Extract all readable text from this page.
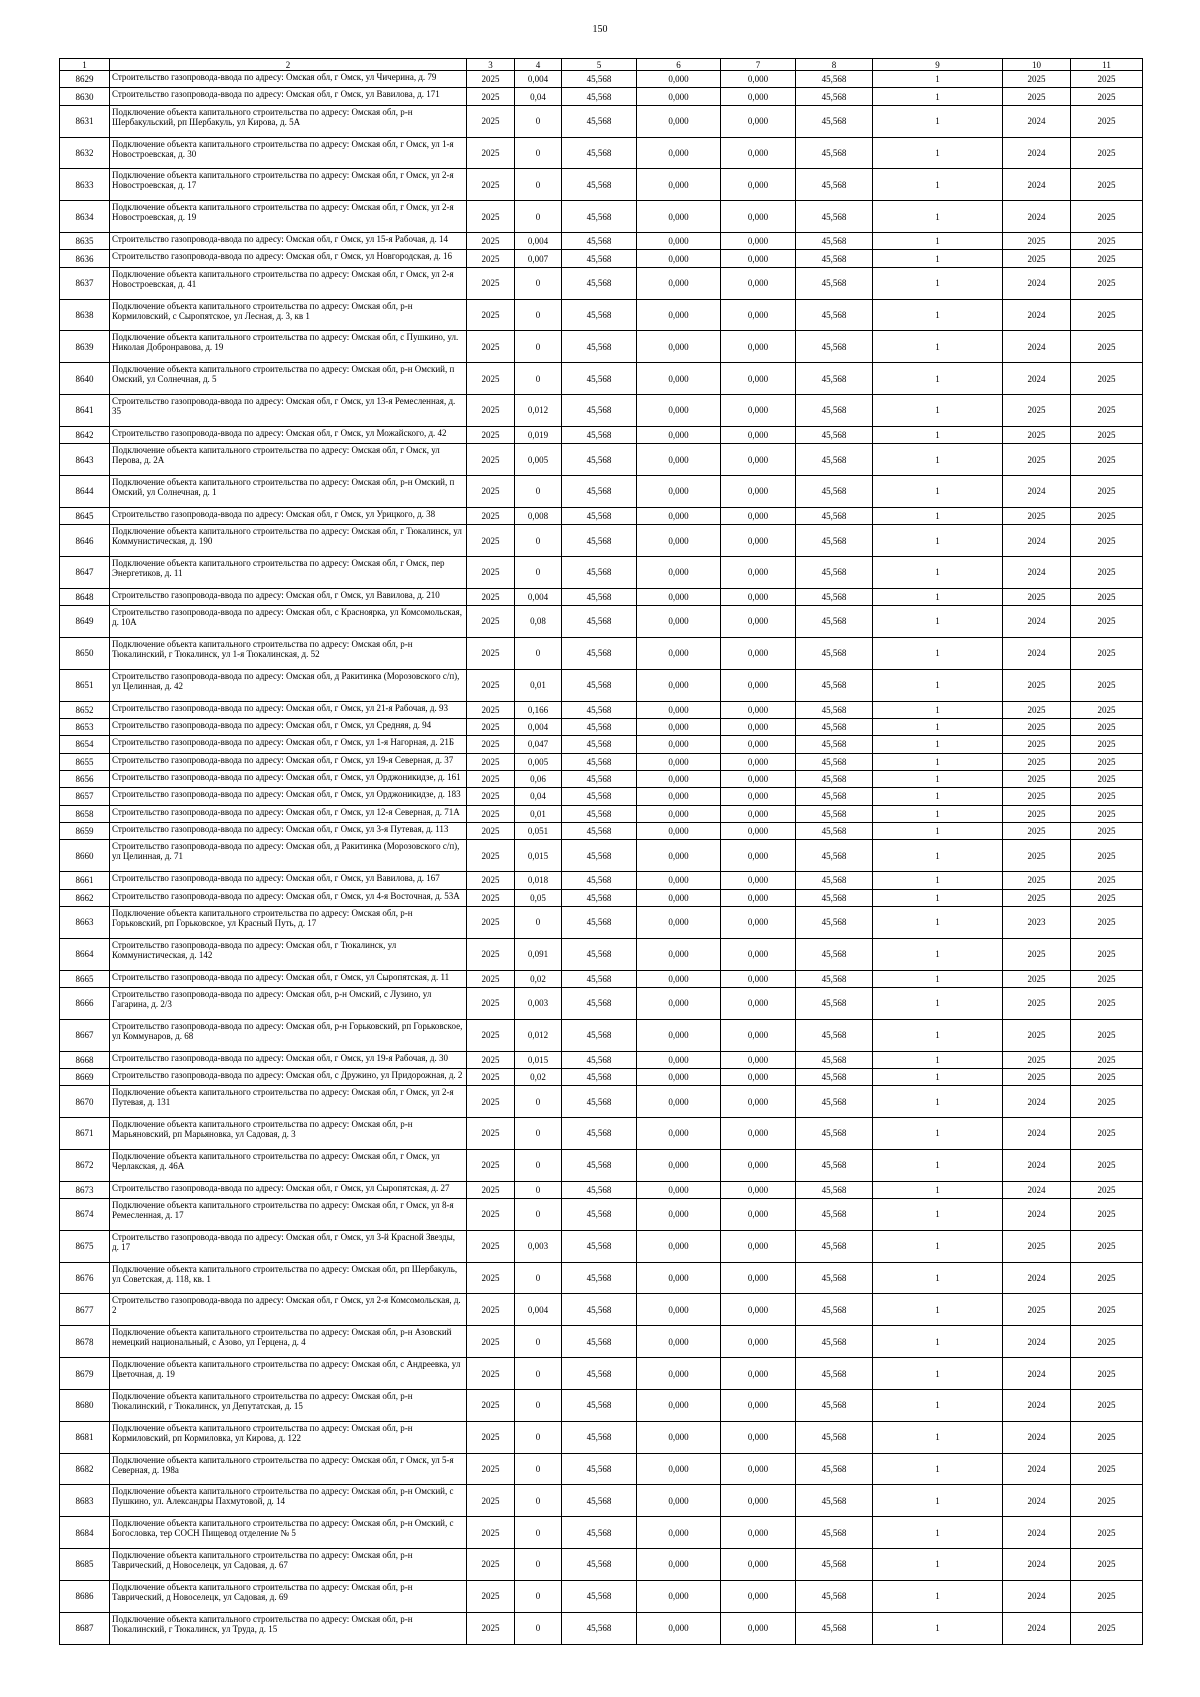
150
1	2	3	4	5	6	7	8	9	10	11
8629	Строительство газопровода-ввода по адресу: Омская обл, г Омск, ул Чичерина, д. 79	2025	0,004	45,568	0,000	0,000	45,568	1	2025	2025
8630	Строительство газопровода-ввода по адресу: Омская обл, г Омск, ул Вавилова, д. 171	2025	0,04	45,568	0,000	0,000	45,568	1	2025	2025
8631	Подключение объекта капитального строительства по адресу: Омская обл, р-н Шербакульский, рп Шербакуль, ул Кирова, д. 5А	2025	0	45,568	0,000	0,000	45,568	1	2024	2025
8632	Подключение объекта капитального строительства по адресу: Омская обл, г Омск, ул 1-я Новостроевская, д. 30	2025	0	45,568	0,000	0,000	45,568	1	2024	2025
8633	Подключение объекта капитального строительства по адресу: Омская обл, г Омск, ул 2-я Новостроевская, д. 17	2025	0	45,568	0,000	0,000	45,568	1	2024	2025
8634	Подключение объекта капитального строительства по адресу: Омская обл, г Омск, ул 2-я Новостроевская, д. 19	2025	0	45,568	0,000	0,000	45,568	1	2024	2025
8635	Строительство газопровода-ввода по адресу: Омская обл, г Омск, ул 15-я Рабочая, д. 14	2025	0,004	45,568	0,000	0,000	45,568	1	2025	2025
8636	Строительство газопровода-ввода по адресу: Омская обл, г Омск, ул Новгородская, д. 16	2025	0,007	45,568	0,000	0,000	45,568	1	2025	2025
8637	Подключение объекта капитального строительства по адресу: Омская обл, г Омск, ул 2-я Новостроевская, д. 41	2025	0	45,568	0,000	0,000	45,568	1	2024	2025
8638	Подключение объекта капитального строительства по адресу: Омская обл, р-н Кормиловский, с Сыропятское, ул Лесная, д. 3, кв 1	2025	0	45,568	0,000	0,000	45,568	1	2024	2025
8639	Подключение объекта капитального строительства по адресу: Омская обл, с Пушкино, ул. Николая Добронравова, д. 19	2025	0	45,568	0,000	0,000	45,568	1	2024	2025
8640	Подключение объекта капитального строительства по адресу: Омская обл, р-н Омский, п Омский, ул Солнечная, д. 5	2025	0	45,568	0,000	0,000	45,568	1	2024	2025
8641	Строительство газопровода-ввода по адресу: Омская обл, г Омск, ул 13-я Ремесленная, д. 35	2025	0,012	45,568	0,000	0,000	45,568	1	2025	2025
8642	Строительство газопровода-ввода по адресу: Омская обл, г Омск, ул Можайского, д. 42	2025	0,019	45,568	0,000	0,000	45,568	1	2025	2025
8643	Подключение объекта капитального строительства по адресу: Омская обл, г Омск, ул Перова, д. 2А	2025	0,005	45,568	0,000	0,000	45,568	1	2025	2025
8644	Подключение объекта капитального строительства по адресу: Омская обл, р-н Омский, п Омский, ул Солнечная, д. 1	2025	0	45,568	0,000	0,000	45,568	1	2024	2025
8645	Строительство газопровода-ввода по адресу: Омская обл, г Омск, ул Урицкого, д. 38	2025	0,008	45,568	0,000	0,000	45,568	1	2025	2025
8646	Подключение объекта капитального строительства по адресу: Омская обл, г Тюкалинск, ул Коммунистическая, д. 190	2025	0	45,568	0,000	0,000	45,568	1	2024	2025
8647	Подключение объекта капитального строительства по адресу: Омская обл, г Омск, пер Энергетиков, д. 11	2025	0	45,568	0,000	0,000	45,568	1	2024	2025
8648	Строительство газопровода-ввода по адресу: Омская обл, г Омск, ул Вавилова, д. 210	2025	0,004	45,568	0,000	0,000	45,568	1	2025	2025
8649	Строительство газопровода-ввода по адресу: Омская обл, с Красноярка, ул Комсомольская, д. 10А	2025	0,08	45,568	0,000	0,000	45,568	1	2024	2025
8650	Подключение объекта капитального строительства по адресу: Омская обл, р-н Тюкалинский, г Тюкалинск, ул 1-я Тюкалинская, д. 52	2025	0	45,568	0,000	0,000	45,568	1	2024	2025
8651	Строительство газопровода-ввода по адресу: Омская обл, д Ракитинка (Морозовского с/п), ул Целинная, д. 42	2025	0,01	45,568	0,000	0,000	45,568	1	2025	2025
8652	Строительство газопровода-ввода по адресу: Омская обл, г Омск, ул 21-я Рабочая, д. 93	2025	0,166	45,568	0,000	0,000	45,568	1	2025	2025
8653	Строительство газопровода-ввода по адресу: Омская обл, г Омск, ул Средняя, д. 94	2025	0,004	45,568	0,000	0,000	45,568	1	2025	2025
8654	Строительство газопровода-ввода по адресу: Омская обл, г Омск, ул 1-я Нагорная, д. 21Б	2025	0,047	45,568	0,000	0,000	45,568	1	2025	2025
8655	Строительство газопровода-ввода по адресу: Омская обл, г Омск, ул 19-я Северная, д. 37	2025	0,005	45,568	0,000	0,000	45,568	1	2025	2025
8656	Строительство газопровода-ввода по адресу: Омская обл, г Омск, ул Орджоникидзе, д. 161	2025	0,06	45,568	0,000	0,000	45,568	1	2025	2025
8657	Строительство газопровода-ввода по адресу: Омская обл, г Омск, ул Орджоникидзе, д. 183	2025	0,04	45,568	0,000	0,000	45,568	1	2025	2025
8658	Строительство газопровода-ввода по адресу: Омская обл, г Омск, ул 12-я Северная, д. 71А	2025	0,01	45,568	0,000	0,000	45,568	1	2025	2025
8659	Строительство газопровода-ввода по адресу: Омская обл, г Омск, ул 3-я Путевая, д. 113	2025	0,051	45,568	0,000	0,000	45,568	1	2025	2025
8660	Строительство газопровода-ввода по адресу: Омская обл, д Ракитинка (Морозовского с/п), ул Целинная, д. 71	2025	0,015	45,568	0,000	0,000	45,568	1	2025	2025
8661	Строительство газопровода-ввода по адресу: Омская обл, г Омск, ул Вавилова, д. 167	2025	0,018	45,568	0,000	0,000	45,568	1	2025	2025
8662	Строительство газопровода-ввода по адресу: Омская обл, г Омск, ул 4-я Восточная, д. 53А	2025	0,05	45,568	0,000	0,000	45,568	1	2025	2025
8663	Подключение объекта капитального строительства по адресу: Омская обл, р-н Горьковский, рп Горьковское, ул Красный Путь, д. 17	2025	0	45,568	0,000	0,000	45,568	1	2023	2025
8664	Строительство газопровода-ввода по адресу: Омская обл, г Тюкалинск, ул Коммунистическая, д. 142	2025	0,091	45,568	0,000	0,000	45,568	1	2025	2025
8665	Строительство газопровода-ввода по адресу: Омская обл, г Омск, ул Сыропятская, д. 11	2025	0,02	45,568	0,000	0,000	45,568	1	2025	2025
8666	Строительство газопровода-ввода по адресу: Омская обл, р-н Омский, с Лузино, ул Гагарина, д. 2/3	2025	0,003	45,568	0,000	0,000	45,568	1	2025	2025
8667	Строительство газопровода-ввода по адресу: Омская обл, р-н Горьковский, рп Горьковское, ул Коммунаров, д. 68	2025	0,012	45,568	0,000	0,000	45,568	1	2025	2025
8668	Строительство газопровода-ввода по адресу: Омская обл, г Омск, ул 19-я Рабочая, д. 30	2025	0,015	45,568	0,000	0,000	45,568	1	2025	2025
8669	Строительство газопровода-ввода по адресу: Омская обл, с Дружино, ул Придорожная, д. 2	2025	0,02	45,568	0,000	0,000	45,568	1	2025	2025
8670	Подключение объекта капитального строительства по адресу: Омская обл, г Омск, ул 2-я Путевая, д. 131	2025	0	45,568	0,000	0,000	45,568	1	2024	2025
8671	Подключение объекта капитального строительства по адресу: Омская обл, р-н Марьяновский, рп Марьяновка, ул Садовая, д. 3	2025	0	45,568	0,000	0,000	45,568	1	2024	2025
8672	Подключение объекта капитального строительства по адресу: Омская обл, г Омск, ул Черлакская, д. 46А	2025	0	45,568	0,000	0,000	45,568	1	2024	2025
8673	Строительство газопровода-ввода по адресу: Омская обл, г Омск, ул Сыропятская, д. 27	2025	0	45,568	0,000	0,000	45,568	1	2024	2025
8674	Подключение объекта капитального строительства по адресу: Омская обл, г Омск, ул 8-я Ремесленная, д. 17	2025	0	45,568	0,000	0,000	45,568	1	2024	2025
8675	Строительство газопровода-ввода по адресу: Омская обл, г Омск, ул 3-й Красной Звезды, д. 17	2025	0,003	45,568	0,000	0,000	45,568	1	2025	2025
8676	Подключение объекта капитального строительства по адресу: Омская обл, рп Шербакуль, ул Советская, д. 118, кв. 1	2025	0	45,568	0,000	0,000	45,568	1	2024	2025
8677	Строительство газопровода-ввода по адресу: Омская обл, г Омск, ул 2-я Комсомольская, д. 2	2025	0,004	45,568	0,000	0,000	45,568	1	2025	2025
8678	Подключение объекта капитального строительства по адресу: Омская обл, р-н Азовский немецкий национальный, с Азово, ул Герцена, д. 4	2025	0	45,568	0,000	0,000	45,568	1	2024	2025
8679	Подключение объекта капитального строительства по адресу: Омская обл, с Андреевка, ул Цветочная, д. 19	2025	0	45,568	0,000	0,000	45,568	1	2024	2025
8680	Подключение объекта капитального строительства по адресу: Омская обл, р-н Тюкалинский, г Тюкалинск, ул Депутатская, д. 15	2025	0	45,568	0,000	0,000	45,568	1	2024	2025
8681	Подключение объекта капитального строительства по адресу: Омская обл, р-н Кормиловский, рп Кормиловка, ул Кирова, д. 122	2025	0	45,568	0,000	0,000	45,568	1	2024	2025
8682	Подключение объекта капитального строительства по адресу: Омская обл, г Омск, ул 5-я Северная, д. 198а	2025	0	45,568	0,000	0,000	45,568	1	2024	2025
8683	Подключение объекта капитального строительства по адресу: Омская обл, р-н Омский, с Пушкино, ул. Александры Пахмутовой, д. 14	2025	0	45,568	0,000	0,000	45,568	1	2024	2025
8684	Подключение объекта капитального строительства по адресу: Омская обл, р-н Омский, с Богословка, тер СОСН Пищевод отделение № 5	2025	0	45,568	0,000	0,000	45,568	1	2024	2025
8685	Подключение объекта капитального строительства по адресу: Омская обл, р-н Таврический, д Новоселецк, ул Садовая, д. 67	2025	0	45,568	0,000	0,000	45,568	1	2024	2025
8686	Подключение объекта капитального строительства по адресу: Омская обл, р-н Таврический, д Новоселецк, ул Садовая, д. 69	2025	0	45,568	0,000	0,000	45,568	1	2024	2025
8687	Подключение объекта капитального строительства по адресу: Омская обл, р-н Тюкалинский, г Тюкалинск, ул Труда, д. 15	2025	0	45,568	0,000	0,000	45,568	1	2024	2025
